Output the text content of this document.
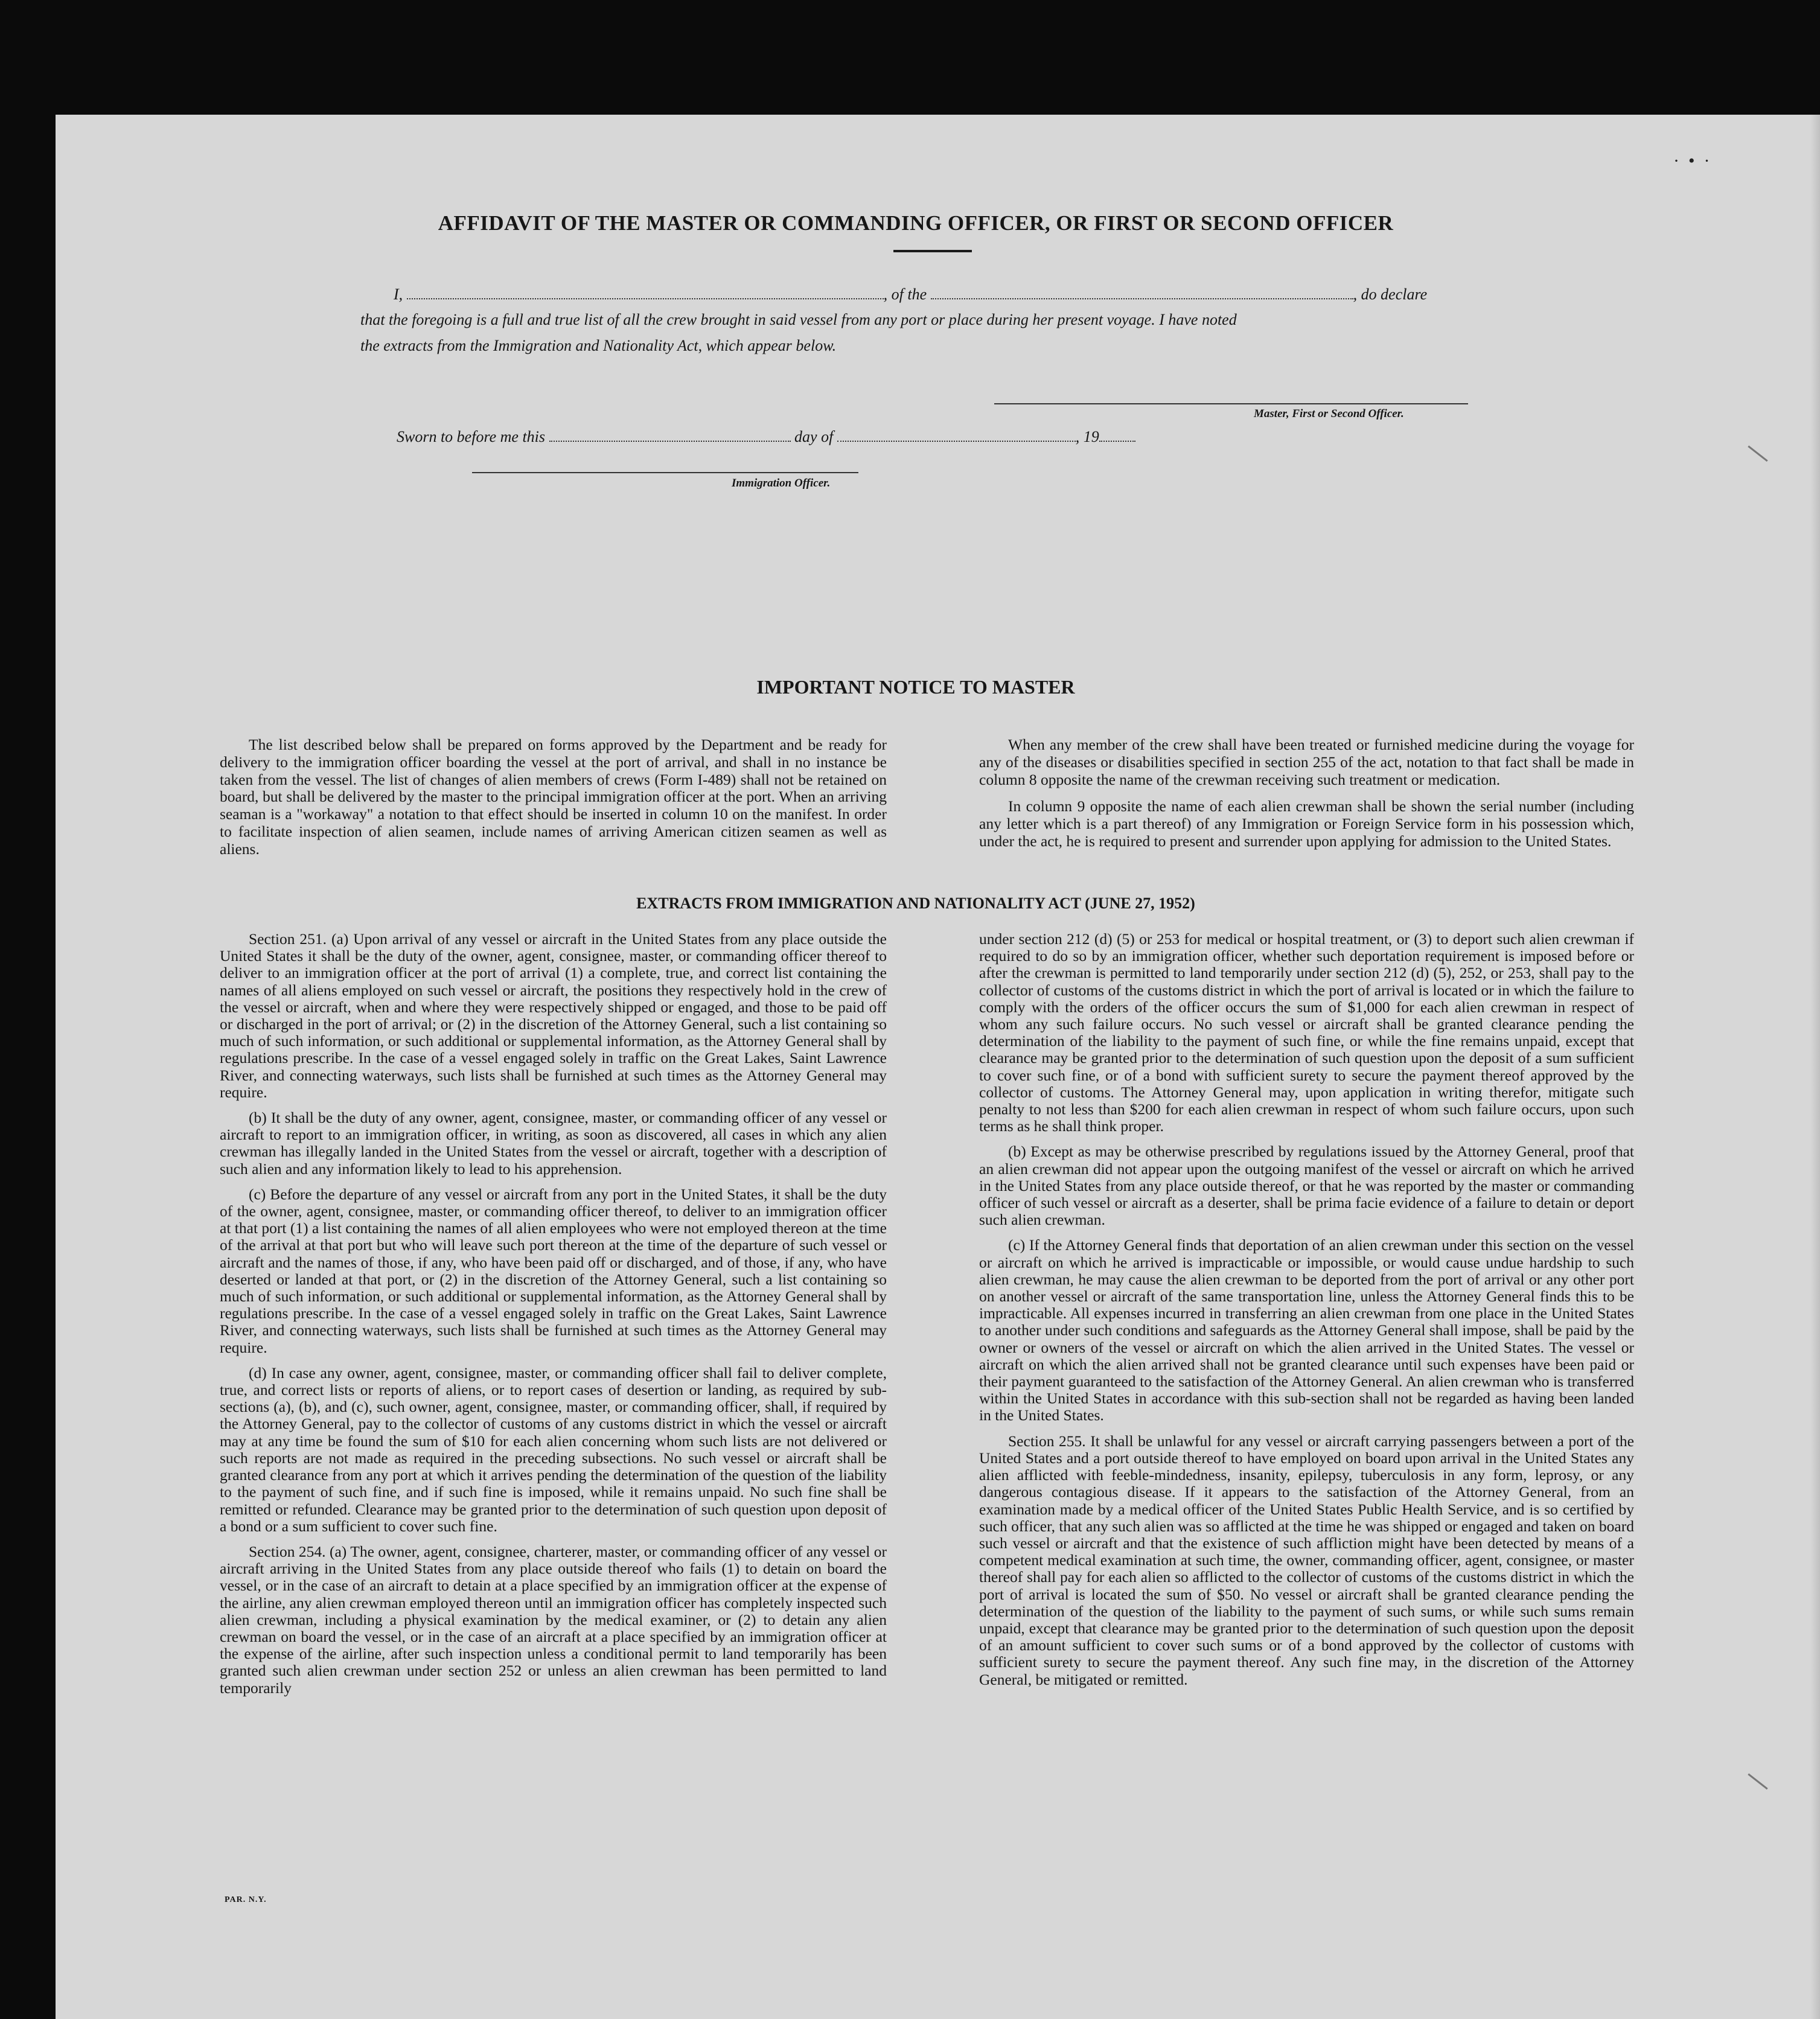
·  •  ·
AFFIDAVIT OF THE MASTER OR COMMANDING OFFICER, OR FIRST OR SECOND OFFICER
I,	, of the	, do declare
that the foregoing is a full and true list of all the crew brought in said vessel from any port or place during her present voyage. I have noted
the extracts from the Immigration and Nationality Act, which appear below.
Master, First or Second Officer.
Sworn to before me this	day of	, 19
Immigration Officer.
IMPORTANT NOTICE TO MASTER

The list described below shall be prepared on forms approved by the Department and be ready for delivery to the immigration officer boarding the vessel at the port of arrival, and shall in no instance be taken from the vessel. The list of changes of alien members of crews (Form I-489) shall not be retained on board, but shall be delivered by the master to the principal immigration officer at the port. When an arriving seaman is a "workaway" a notation to that effect should be inserted in column 10 on the manifest. In order to facilitate inspection of alien seamen, include names of arriving American citizen seamen as well as aliens.

When any member of the crew shall have been treated or furnished medicine during the voyage for any of the diseases or disabilities specified in section 255 of the act, notation to that fact shall be made in column 8 opposite the name of the crewman receiving such treatment or medication.

In column 9 opposite the name of each alien crewman shall be shown the serial number (including any letter which is a part thereof) of any Immigration or Foreign Service form in his possession which, under the act, he is required to present and surrender upon applying for admission to the United States.

EXTRACTS FROM IMMIGRATION AND NATIONALITY ACT (JUNE 27, 1952)

Section 251. (a) Upon arrival of any vessel or aircraft in the United States from any place outside the United States it shall be the duty of the owner, agent, consignee, master, or commanding officer thereof to deliver to an immigration officer at the port of arrival (1) a complete, true, and correct list containing the names of all aliens employed on such vessel or aircraft, the positions they respectively hold in the crew of the vessel or aircraft, when and where they were respectively shipped or engaged, and those to be paid off or discharged in the port of arrival; or (2) in the discretion of the Attorney General, such a list containing so much of such information, or such additional or supplemental information, as the Attorney General shall by regulations prescribe. In the case of a vessel engaged solely in traffic on the Great Lakes, Saint Lawrence River, and connecting waterways, such lists shall be furnished at such times as the Attorney General may require.

(b) It shall be the duty of any owner, agent, consignee, master, or commanding officer of any vessel or aircraft to report to an immigration officer, in writing, as soon as discovered, all cases in which any alien crewman has illegally landed in the United States from the vessel or aircraft, together with a description of such alien and any information likely to lead to his apprehension.

(c) Before the departure of any vessel or aircraft from any port in the United States, it shall be the duty of the owner, agent, consignee, master, or commanding officer thereof, to deliver to an immigration officer at that port (1) a list containing the names of all alien employees who were not employed thereon at the time of the arrival at that port but who will leave such port thereon at the time of the departure of such vessel or aircraft and the names of those, if any, who have been paid off or discharged, and of those, if any, who have deserted or landed at that port, or (2) in the discretion of the Attorney General, such a list containing so much of such information, or such additional or supplemental information, as the Attorney General shall by regulations prescribe. In the case of a vessel engaged solely in traffic on the Great Lakes, Saint Lawrence River, and connecting waterways, such lists shall be furnished at such times as the Attorney General may require.

(d) In case any owner, agent, consignee, master, or commanding officer shall fail to deliver complete, true, and correct lists or reports of aliens, or to report cases of desertion or landing, as required by sub-sections (a), (b), and (c), such owner, agent, consignee, master, or commanding officer, shall, if required by the Attorney General, pay to the collector of customs of any customs district in which the vessel or aircraft may at any time be found the sum of $10 for each alien concerning whom such lists are not delivered or such reports are not made as required in the preceding subsections. No such vessel or aircraft shall be granted clearance from any port at which it arrives pending the determination of the question of the liability to the payment of such fine, and if such fine is imposed, while it remains unpaid. No such fine shall be remitted or refunded. Clearance may be granted prior to the determination of such question upon deposit of a bond or a sum sufficient to cover such fine.

Section 254. (a) The owner, agent, consignee, charterer, master, or commanding officer of any vessel or aircraft arriving in the United States from any place outside thereof who fails (1) to detain on board the vessel, or in the case of an aircraft to detain at a place specified by an immigration officer at the expense of the airline, any alien crewman employed thereon until an immigration officer has completely inspected such alien crewman, including a physical examination by the medical examiner, or (2) to detain any alien crewman on board the vessel, or in the case of an aircraft at a place specified by an immigration officer at the expense of the airline, after such inspection unless a conditional permit to land temporarily has been granted such alien crewman under section 252 or unless an alien crewman has been permitted to land temporarily

under section 212 (d) (5) or 253 for medical or hospital treatment, or (3) to deport such alien crewman if required to do so by an immigration officer, whether such deportation requirement is imposed before or after the crewman is permitted to land temporarily under section 212 (d) (5), 252, or 253, shall pay to the collector of customs of the customs district in which the port of arrival is located or in which the failure to comply with the orders of the officer occurs the sum of $1,000 for each alien crewman in respect of whom any such failure occurs. No such vessel or aircraft shall be granted clearance pending the determination of the liability to the payment of such fine, or while the fine remains unpaid, except that clearance may be granted prior to the determination of such question upon the deposit of a sum sufficient to cover such fine, or of a bond with sufficient surety to secure the payment thereof approved by the collector of customs. The Attorney General may, upon application in writing therefor, mitigate such penalty to not less than $200 for each alien crewman in respect of whom such failure occurs, upon such terms as he shall think proper.

(b) Except as may be otherwise prescribed by regulations issued by the Attorney General, proof that an alien crewman did not appear upon the outgoing manifest of the vessel or aircraft on which he arrived in the United States from any place outside thereof, or that he was reported by the master or commanding officer of such vessel or aircraft as a deserter, shall be prima facie evidence of a failure to detain or deport such alien crewman.

(c) If the Attorney General finds that deportation of an alien crewman under this section on the vessel or aircraft on which he arrived is impracticable or impossible, or would cause undue hardship to such alien crewman, he may cause the alien crewman to be deported from the port of arrival or any other port on another vessel or aircraft of the same transportation line, unless the Attorney General finds this to be impracticable. All expenses incurred in transferring an alien crewman from one place in the United States to another under such conditions and safeguards as the Attorney General shall impose, shall be paid by the owner or owners of the vessel or aircraft on which the alien arrived in the United States. The vessel or aircraft on which the alien arrived shall not be granted clearance until such expenses have been paid or their payment guaranteed to the satisfaction of the Attorney General. An alien crewman who is transferred within the United States in accordance with this sub-section shall not be regarded as having been landed in the United States.

Section 255. It shall be unlawful for any vessel or aircraft carrying passengers between a port of the United States and a port outside thereof to have employed on board upon arrival in the United States any alien afflicted with feeble-mindedness, insanity, epilepsy, tuberculosis in any form, leprosy, or any dangerous contagious disease. If it appears to the satisfaction of the Attorney General, from an examination made by a medical officer of the United States Public Health Service, and is so certified by such officer, that any such alien was so afflicted at the time he was shipped or engaged and taken on board such vessel or aircraft and that the existence of such affliction might have been detected by means of a competent medical examination at such time, the owner, commanding officer, agent, consignee, or master thereof shall pay for each alien so afflicted to the collector of customs of the customs district in which the port of arrival is located the sum of $50. No vessel or aircraft shall be granted clearance pending the determination of the question of the liability to the payment of such sums, or while such sums remain unpaid, except that clearance may be granted prior to the determination of such question upon the deposit of an amount sufficient to cover such sums or of a bond approved by the collector of customs with sufficient surety to secure the payment thereof. Any such fine may, in the discretion of the Attorney General, be mitigated or remitted.

PAR. N.Y.
